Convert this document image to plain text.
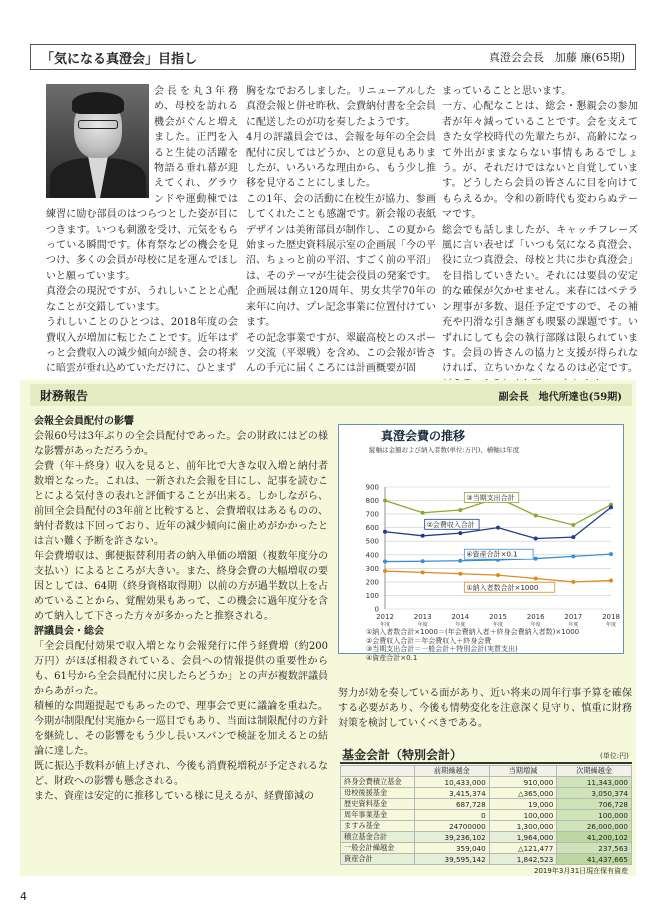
「気になる真澄会」目指し	真澄会会長　加藤 廉(65期)

会長を丸3年務め、母校を訪れる機会がぐんと増えました。正門を入ると生徒の活躍を物語る垂れ幕が迎えてくれ、グラウンドや運動棟では練習に励む部員のはつらつとした姿が目につきます。いつも刺激を受け、元気をもらっている瞬間です。体育祭などの機会を見つけ、多くの会員が母校に足を運んでほしいと願っています。

真澄会の現況ですが、うれしいことと心配なことが交錯しています。

うれしいことのひとつは、2018年度の会費収入が増加に転じたことです。近年はずっと会費収入の減少傾向が続き、会の将来に暗雲が垂れ込めていただけに、ひとまず

胸をなでおろしました。リニューアルした真澄会報と併せ昨秋、会費納付書を全会員に配送したのが功を奏したようです。

4月の評議員会では、会報を毎年の全会員配付に戻してはどうか、との意見もありましたが、いろいろな理由から、もう少し推移を見守ることにしました。

この1年、会の活動に在校生が協力、参画してくれたことも感謝です。新会報の表紙デザインは美術部員が制作し、この夏から始まった歴史資料展示室の企画展「今の平沼、ちょっと前の平沼、すごく前の平沼」は、そのテーマが生徒会役員の発案です。企画展は創立120周年、男女共学70年の来年に向け、プレ記念事業に位置付けています。

その記念事業ですが、翠巌高校とのスポーツ交流（平翠戦）を含め、この会報が皆さんの手元に届くころには計画概要が固

まっていることと思います。

一方、心配なことは、総会・懇親会の参加者が年々減っていることです。会を支えてきた女学校時代の先輩たちが、高齢になって外出がままならない事情もあるでしょう。が、それだけではないと自覚しています。どうしたら会員の皆さんに目を向けてもらえるか。令和の新時代も変わらぬテーマです。

総会でも話しましたが、キャッチフレーズ風に言い表せば「いつも気になる真澄会、役に立つ真澄会、母校と共に歩む真澄会」を目指していきたい。それには要員の安定的な確保が欠かせません。来春にはベテラン理事が多数、退任予定ですので、その補充や円滑な引き継ぎも喫緊の課題です。いずれにしても会の執行部隊は限られています。会員の皆さんの協力と支援が得られなければ、立ちいかなくなるのは必定です。

財務報告	副会長　地代所達也(59期)

会報全会員配付の影響

会報60号は3年ぶりの全会員配付であった。会の財政にはどの様な影響があっただろうか。

会費（年＋終身）収入を見ると、前年比で大きな収入増と納付者数増となった。これは、一新された会報を目にし、記事を読むことによる気付きの表れと評価することが出来る。しかしながら、前回全会員配付の3年前と比較すると、会費増収はあるものの、納付者数は下回っており、近年の減少傾向に歯止めがかかったとは言い難く予断を許さない。

年会費増収は、郵便振替利用者の納入単価の増額（複数年度分の支払い）によるところが大きい。また、終身会費の大幅増収の要因としては、64期（終身資格取得期）以前の方が過半数以上を占めていることから、覚醒効果もあって、この機会に過年度分を含めて納入して下さった方々が多かったと推察される。

評議員会・総会

「全会員配付効果で収入増となり会報発行に伴う経費増（約200万円）がほぼ相殺されている、会員への情報提供の重要性からも、61号から全会員配付に戻したらどうか」との声が複数評議員からあがった。

積極的な問題提起でもあったので、理事会で更に議論を重ねた。今期が制限配付実施から一巡目でもあり、当面は制限配付の方針を継続し、その影響をもう少し長いスパンで検証を加えるとの結論に達した。

既に振込手数料が値上げされ、今後も消費税増税が予定されるなど、財政への影響も懸念される。

また、資産は安定的に推移している様に見えるが、経費節減の

真澄会費の推移
縦軸は金額および納入者数(単位:万円)、横軸は年度
0
100
200
300
400
500
600
700
800
900
2012
年度
2013
年度
2014
年度
2015
年度
2016
年度
2017
年度
2018
年度
③当期支出合計
②会費収入合計
④資産合計×0.1
①納入者数合計×1000
①納入者数合計×1000＝(年会費納入者＋終身会費納入者数)×1000
②会費収入合計＝年会費収入＋終身会費
③当期支出合計＝一般会計＋特別会計(実質支出)
④資産合計×0.1
努力が効を奏している面があり、近い将来の周年行事予算を確保する必要があり、今後も情勢変化を注意深く見守り、慎重に財務対策を検討していくべきである。
基金会計（特別会計）	(単位:円)
	前期繰越金	当期増減	次期繰越金
終身会費積立基金	10,433,000	910,000	11,343,000
母校後援基金	3,415,374	△365,000	3,050,374
歴史資料基金	687,728	19,000	706,728
周年事業基金	0	100,000	100,000
ますみ基金	24700000	1,300,000	26,000,000
積立基金合計	39,236,102	1,964,000	41,200,102
一般会計繰越金	359,040	△121,477	237,563
資産合計	39,595,142	1,842,523	41,437,665
2019年3月31日現在保有資産
4
